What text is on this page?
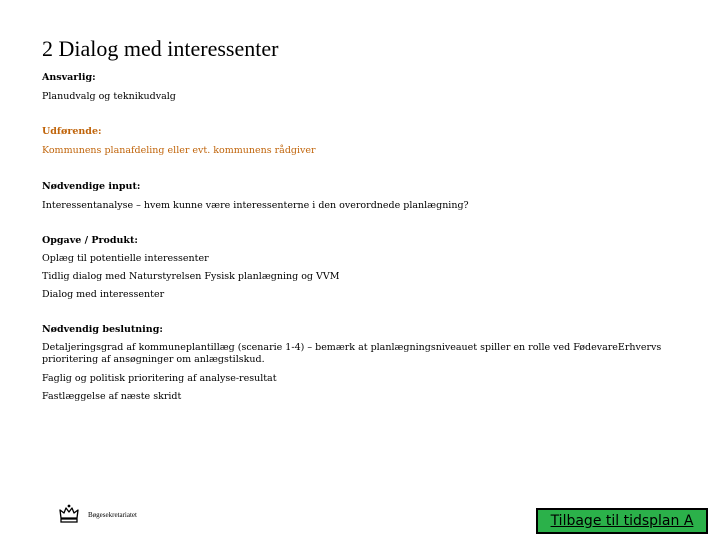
2 Dialog med interessenter
Ansvarlig:
Planudvalg og teknikudvalg
Udførende:
Kommunens planafdeling eller evt. kommunens rådgiver
Nødvendige input:
Interessentanalyse – hvem kunne være interessenterne i den overordnede planlægning?
Opgave / Produkt:
Oplæg til potentielle interessenter
Tidlig dialog med Naturstyrelsen Fysisk planlægning og VVM
Dialog med interessenter
Nødvendig beslutning:
Detaljeringsgrad af kommuneplantillæg (scenarie 1-4) – bemærk at planlægningsniveauet spiller en rolle ved FødevareErhvervs prioritering af ansøgninger om anlægstilskud.
Faglig og politisk prioritering af analyse-resultat
Fastlæggelse af næste skridt
Bøgesekretariatet	Tilbage til tidsplan A
